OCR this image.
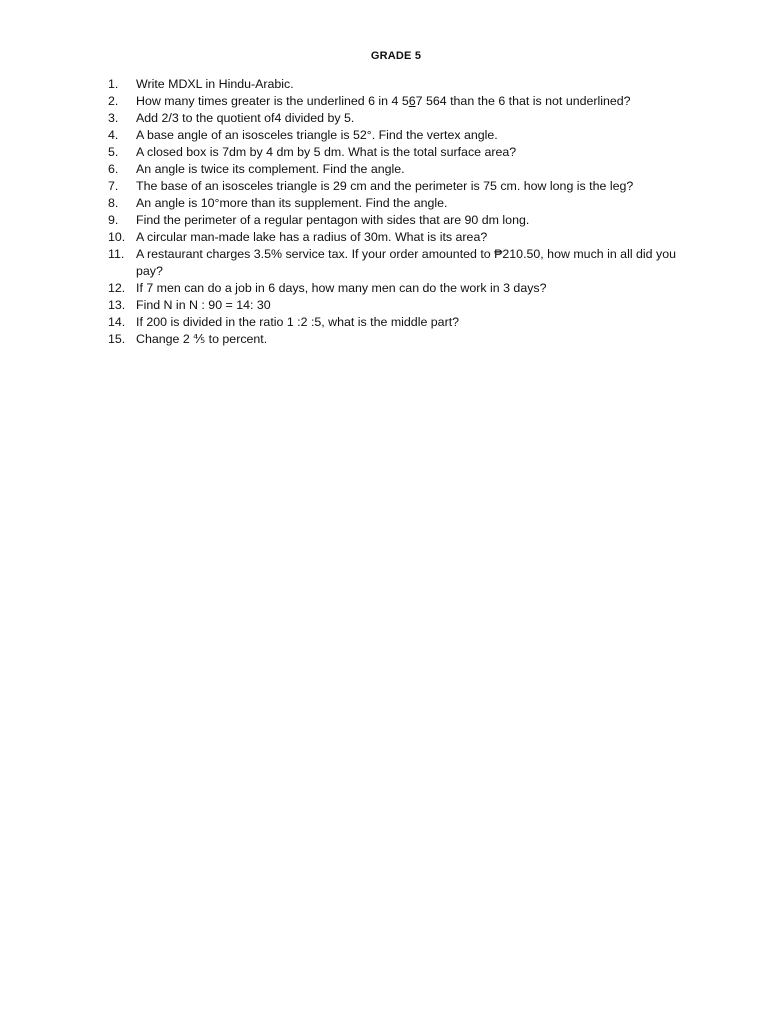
GRADE 5
1.	Write MDXL in Hindu-Arabic.
2.	How many times greater is the underlined 6 in 4 567 564 than the 6 that is not underlined?
3.	Add 2/3 to the quotient of4 divided by 5.
4.	A base angle of an isosceles triangle is 52°. Find the vertex angle.
5.	A closed box is 7dm by 4 dm by 5 dm. What is the total surface area?
6.	An angle is twice its complement. Find the angle.
7.	The base of an isosceles triangle is 29 cm and the perimeter is 75 cm. how long is the leg?
8.	An angle is 10°more than its supplement. Find the angle.
9.	Find the perimeter of a regular pentagon with sides that are 90 dm long.
10. A circular man-made lake has a radius of 30m. What is its area?
11. A restaurant charges 3.5% service tax. If your order amounted to ₱210.50, how much in all did you pay?
12. If 7 men can do a job in 6 days, how many men can do the work in 3 days?
13. Find N in N : 90 = 14: 30
14. If 200 is divided in the ratio 1 :2 :5, what is the middle part?
15. Change 2 ⅘ to percent.
